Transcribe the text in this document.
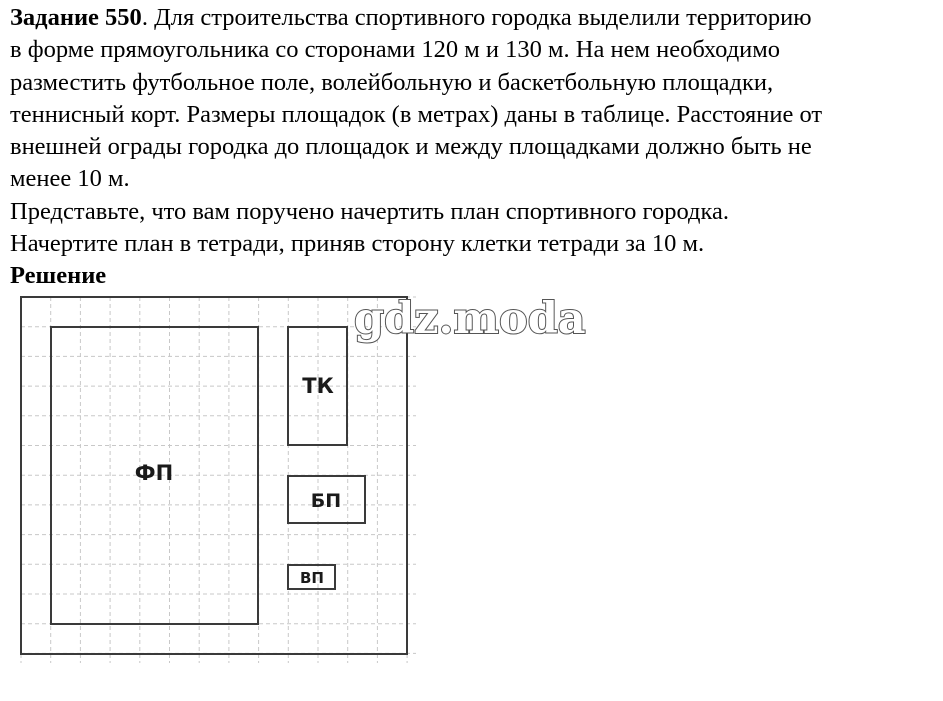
Задание 550. Для строительства спортивного городка выделили территорию

в форме прямоугольника со сторонами 120 м и 130 м. На нем необходимо

разместить футбольное поле, волейбольную и баскетбольную площадки,

теннисный корт. Размеры площадок (в метрах) даны в таблице. Расстояние от

внешней ограды городка до площадок и между площадками должно быть не

менее 10 м.

Представьте, что вам поручено начертить план спортивного городка.

Начертите план в тетради, приняв сторону клетки тетради за 10 м.

Решение

ФП
ТК
БП
ВП
gdz.moda
